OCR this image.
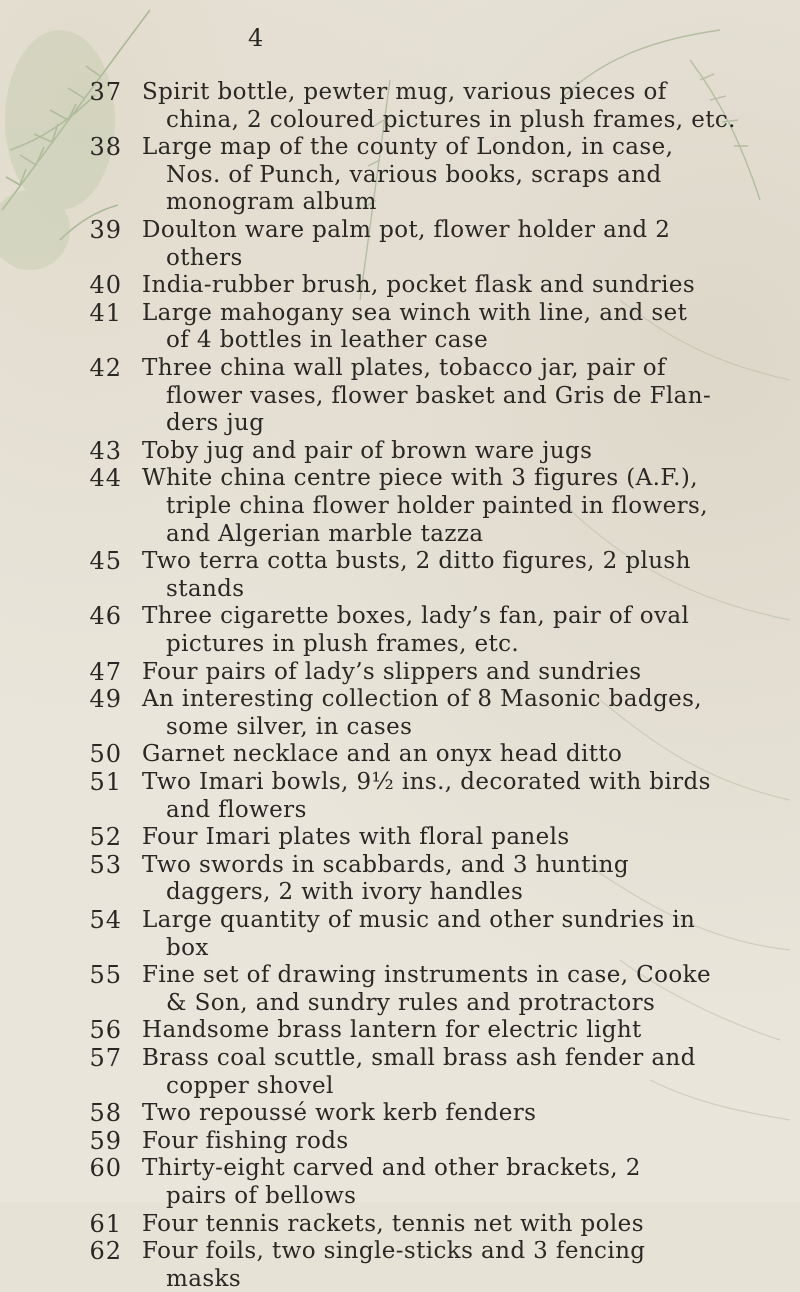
4
37 Spirit bottle, pewter mug, various pieces of
china, 2 coloured pictures in plush frames, etc.
38 Large map of the county of London, in case,
Nos. of Punch, various books, scraps and
monogram album
39 Doulton ware palm pot, flower holder and 2
others
40 India-rubber brush, pocket flask and sundries
41 Large mahogany sea winch with line, and set
of 4 bottles in leather case
42 Three china wall plates, tobacco jar, pair of
flower vases, flower basket and Gris de Flan-
ders jug
43 Toby jug and pair of brown ware jugs
44 White china centre piece with 3 figures (A.F.),
triple china flower holder painted in flowers,
and Algerian marble tazza
45 Two terra cotta busts, 2 ditto figures, 2 plush
stands
46 Three cigarette boxes, lady’s fan, pair of oval
pictures in plush frames, etc.
47 Four pairs of lady’s slippers and sundries
49 An interesting collection of 8 Masonic badges,
some silver, in cases
50 Garnet necklace and an onyx head ditto
51 Two Imari bowls, 9½ ins., decorated with birds
and flowers
52 Four Imari plates with floral panels
53 Two swords in scabbards, and 3 hunting
daggers, 2 with ivory handles
54 Large quantity of music and other sundries in
box
55 Fine set of drawing instruments in case, Cooke
& Son, and sundry rules and protractors
56 Handsome brass lantern for electric light
57 Brass coal scuttle, small brass ash fender and
copper shovel
58 Two repoussé work kerb fenders
59 Four fishing rods
60 Thirty-eight carved and other brackets, 2
pairs of bellows
61 Four tennis rackets, tennis net with poles
62 Four foils, two single-sticks and 3 fencing
masks
